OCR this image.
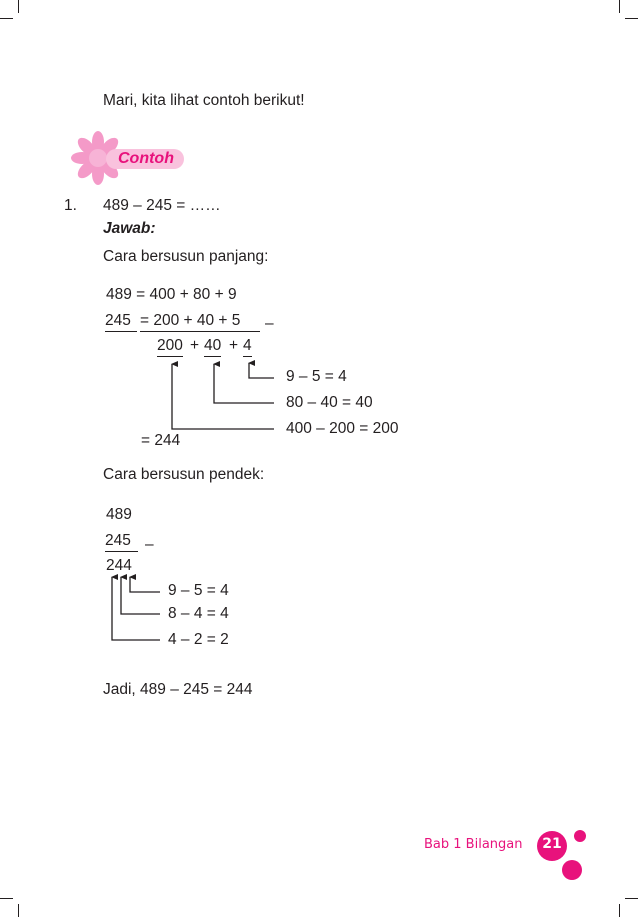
Mari, kita lihat contoh berikut!
Contoh
1. 489 – 245 = ……
Jawab:
Cara bersusun panjang:
489 = 400 + 80 + 9
245 = 200 + 40 + 5	–
200 + 40 + 4
9 – 5 = 4
80 – 40 = 40
400 – 200 = 200
= 244
Cara bersusun pendek:
489
245 –
244
9 – 5 = 4
8 – 4 = 4
4 – 2 = 2
Jadi, 489 – 245 = 244
Bab 1 Bilangan	21
